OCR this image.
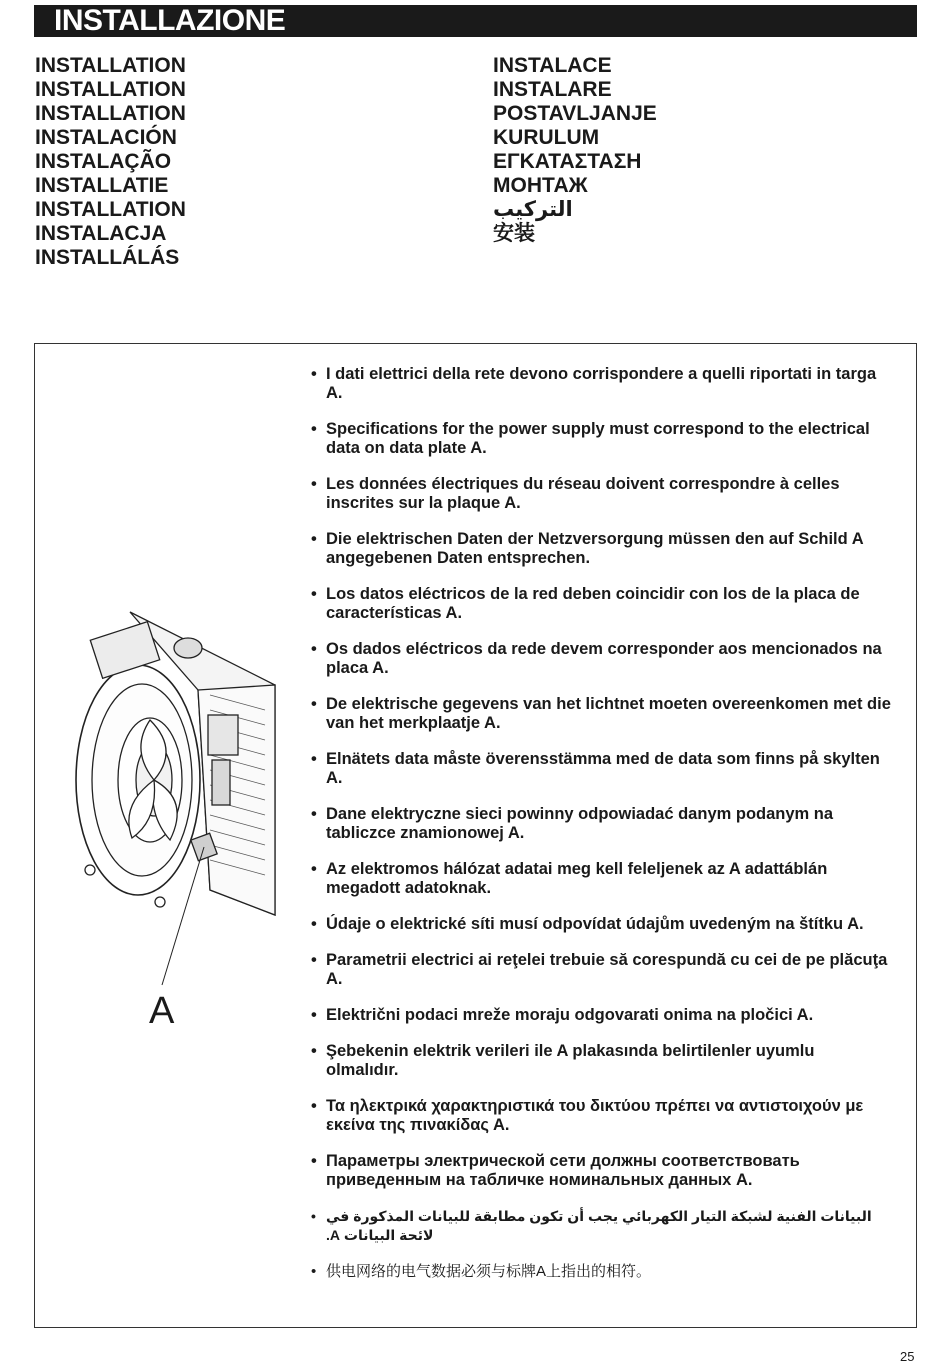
INSTALLAZIONE
INSTALLATION
INSTALLATION
INSTALLATION
INSTALACIÓN
INSTALAÇÃO
INSTALLATIE
INSTALLATION
INSTALACJA
INSTALLÁLÁS
INSTALACE
INSTALARE
POSTAVLJANJE
KURULUM
ΕΓΚΑΤΑΣΤΑΣΗ
МОНТАЖ
التركيب
安装
A
• I dati elettrici della rete devono corrispondere a quelli riportati in targa A.
• Specifications for the power supply must correspond to the electrical data on data plate A.
• Les données électriques du réseau doivent correspondre à celles inscrites sur la plaque A.
• Die elektrischen Daten der Netzversorgung müssen den auf Schild A angegebenen Daten entsprechen.
• Los datos eléctricos de la red deben coincidir con los de la placa de características A.
• Os dados eléctricos da rede devem corresponder aos mencionados na placa A.
• De elektrische gegevens van het lichtnet moeten overeenkomen met die van het merkplaatje A.
• Elnätets data måste överensstämma med de data som finns på skylten A.
• Dane elektryczne sieci powinny odpowiadać danym podanym na tabliczce znamionowej A.
• Az elektromos hálózat adatai meg kell feleljenek az A adattáblán megadott adatoknak.
• Údaje o elektrické síti musí odpovídat údajům uvedeným na štítku A.
• Parametrii electrici ai reţelei trebuie să corespundă cu cei de pe plăcuţa A.
• Električni podaci mreže moraju odgovarati onima na pločici A.
• Şebekenin elektrik verileri ile A plakasında belirtilenler uyumlu olmalıdır.
• Τα ηλεκτρικά χαρακτηριστικά του δικτύου πρέπει να αντιστοιχούν με εκείνα της πινακίδας Α.
• Параметры электрической сети должны соответствовать приведенным на табличке номинальных данных А.
• البيانات الفنية لشبكة التيار الكهربائي يجب أن تكون مطابقة للبيانات المذكورة في لائحة البيانات A.
• 供电网络的电气数据必须与标牌A上指出的相符。
25
